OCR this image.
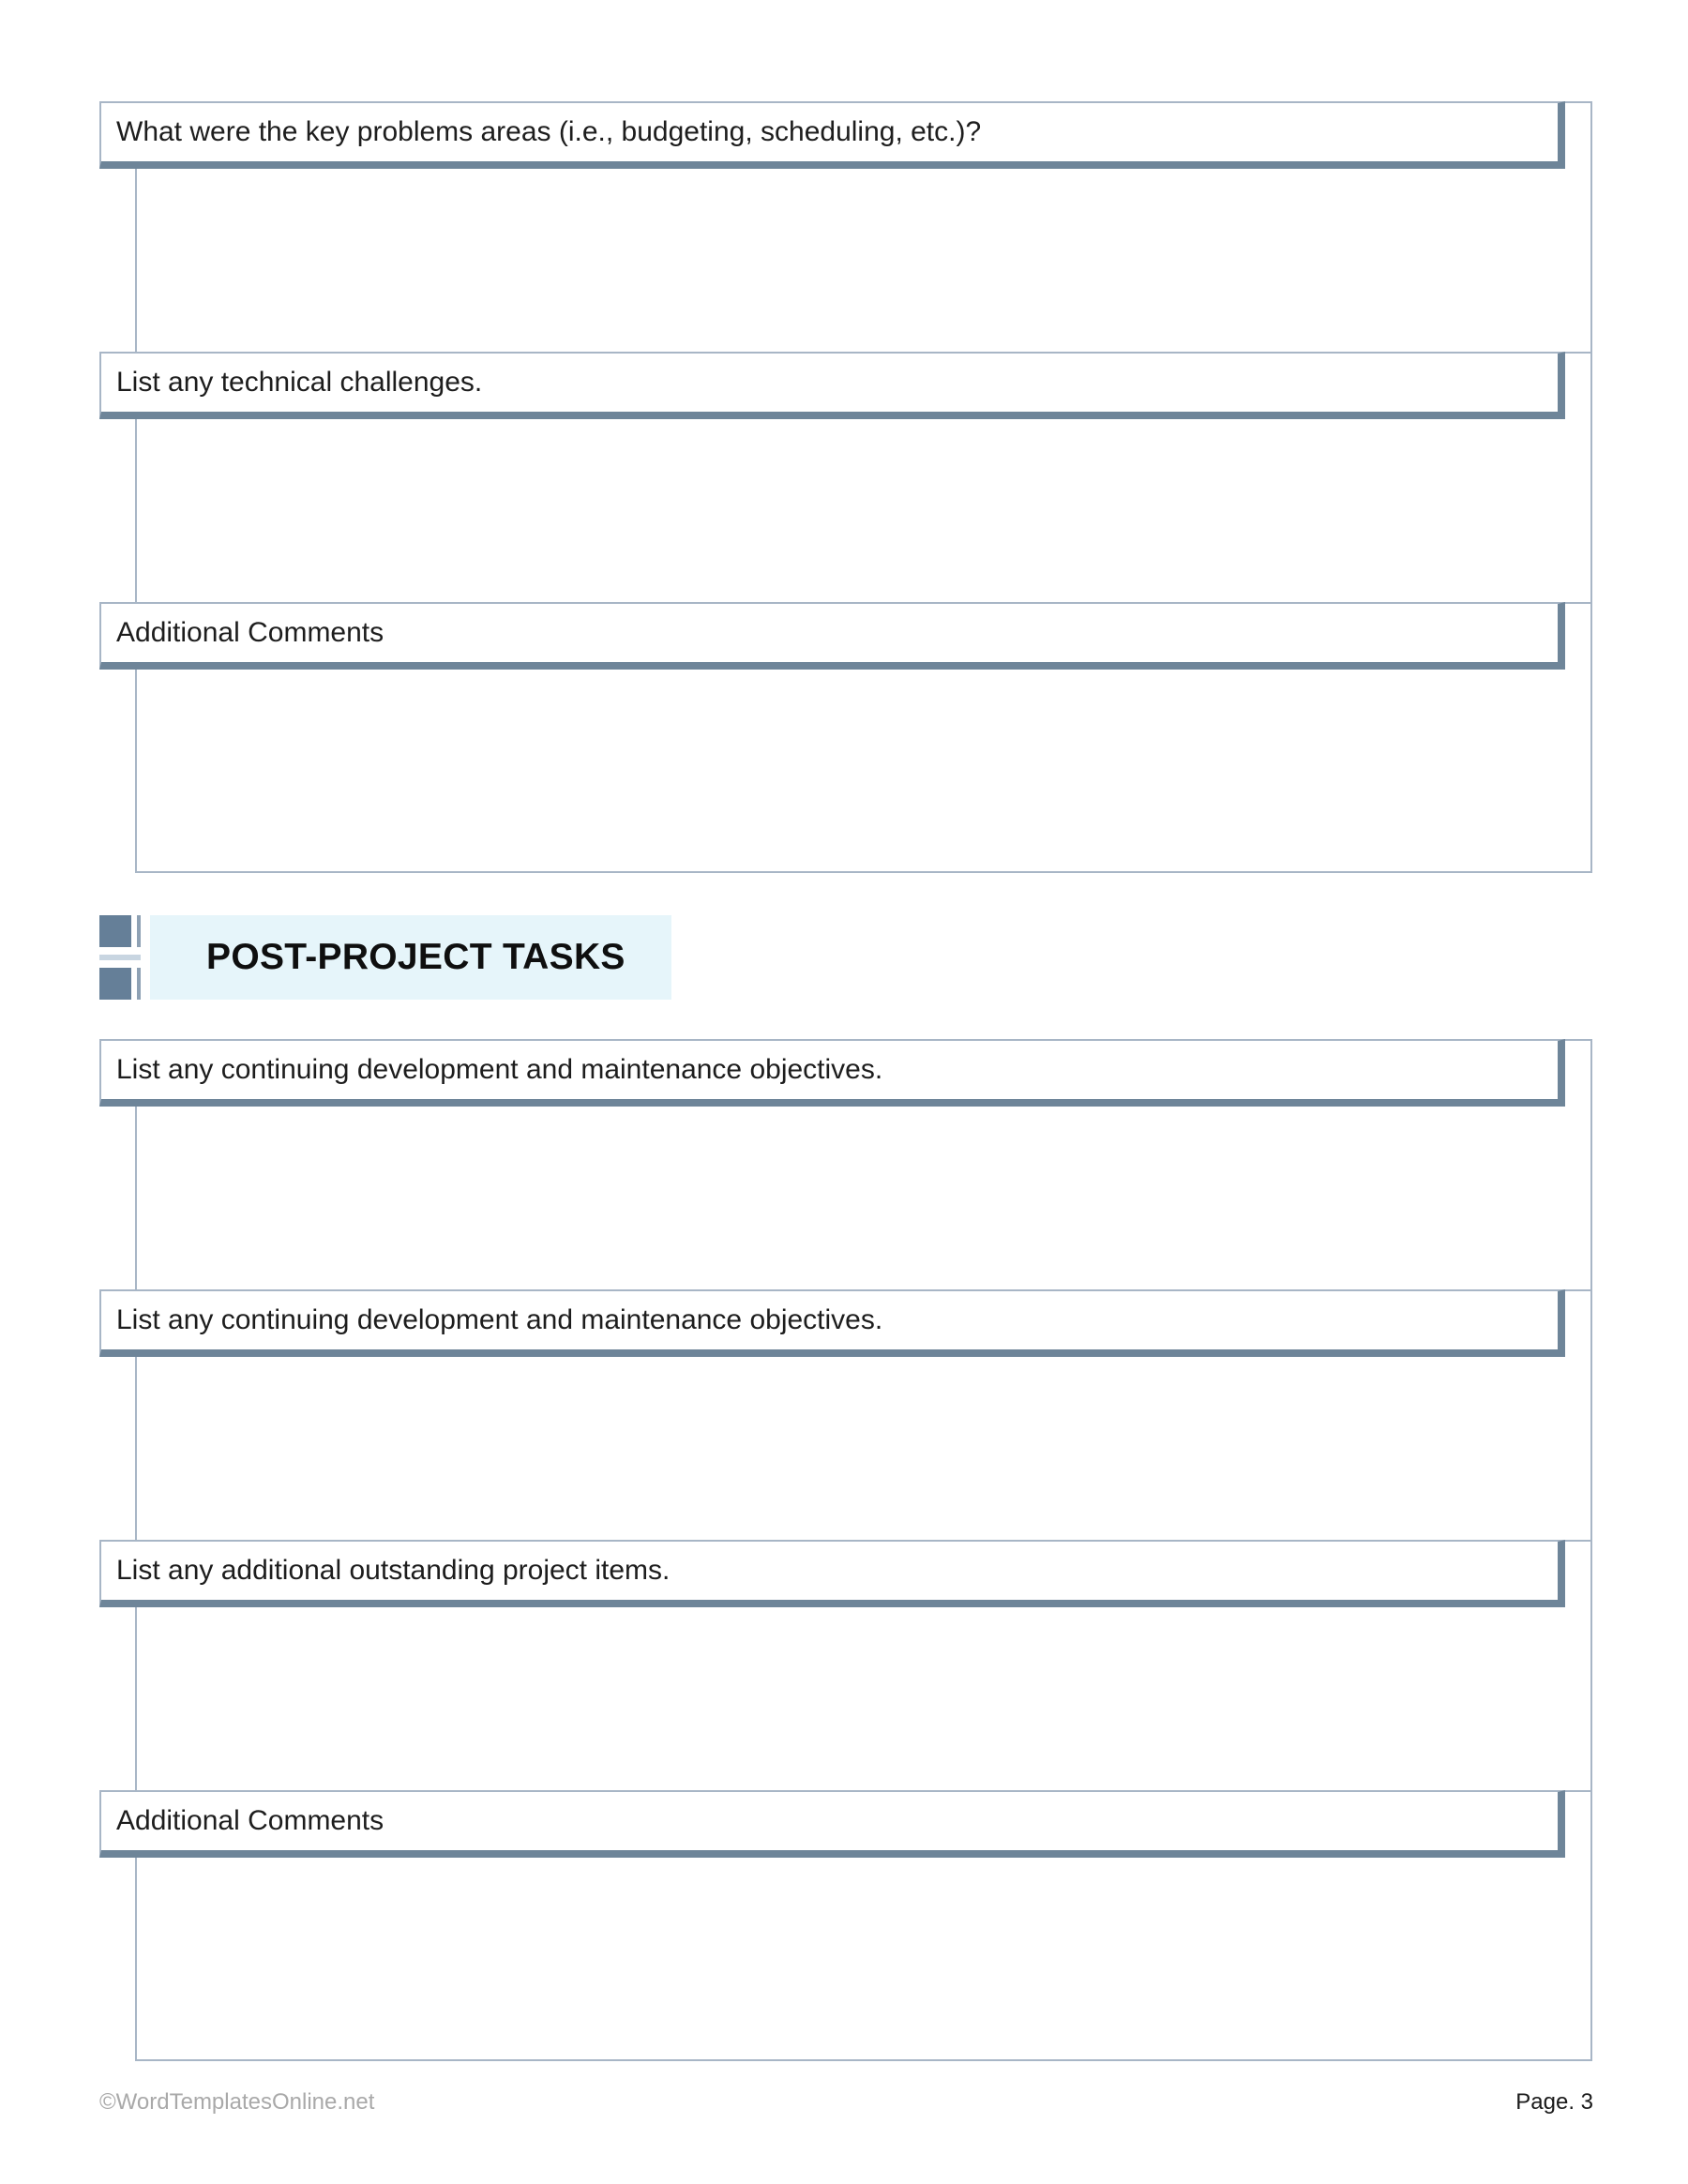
What were the key problems areas (i.e., budgeting, scheduling, etc.)?
List any technical challenges.
Additional Comments
POST-PROJECT TASKS
List any continuing development and maintenance objectives.
List any continuing development and maintenance objectives.
List any additional outstanding project items.
Additional Comments
©WordTemplatesOnline.net	Page. 3
